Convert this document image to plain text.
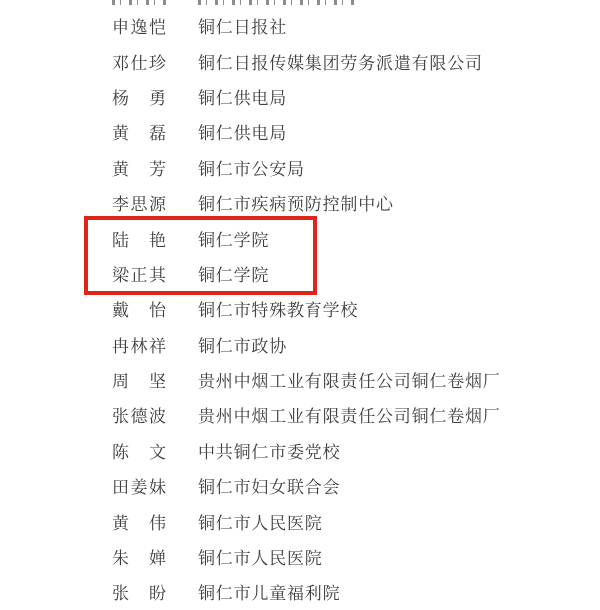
申 逸 恺 铜仁日报社
邓 仕 珍 铜仁日报传媒集团劳务派遣有限公司
杨 勇 铜仁供电局
黄 磊 铜仁供电局
黄 芳 铜仁市公安局
李 思 源 铜仁市疾病预防控制中心
陆 艳 铜仁学院
梁 正 其 铜仁学院
戴 怡 铜仁市特殊教育学校
冉 林 祥 铜仁市政协
周 坚 贵州中烟工业有限责任公司铜仁卷烟厂
张 德 波 贵州中烟工业有限责任公司铜仁卷烟厂
陈 文 中共铜仁市委党校
田 姜 妹 铜仁市妇女联合会
黄 伟 铜仁市人民医院
朱 婵 铜仁市人民医院
张 盼 铜仁市儿童福利院
